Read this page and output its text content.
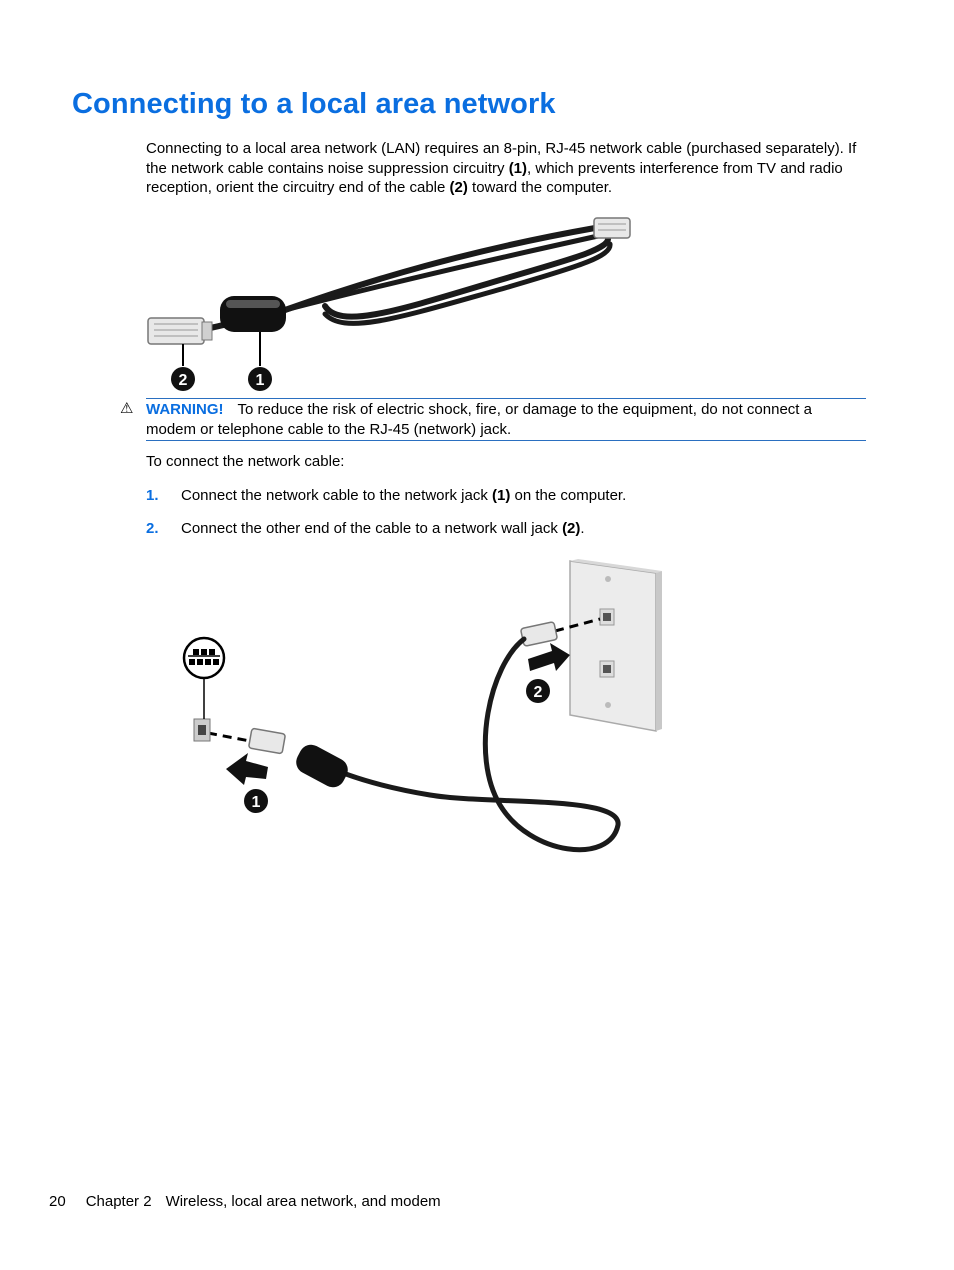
Connecting to a local area network

Connecting to a local area network (LAN) requires an 8-pin, RJ-45 network cable (purchased separately). If the network cable contains noise suppression circuitry (1), which prevents interference from TV and radio reception, orient the circuitry end of the cable (2) toward the computer.

2	1
⚠ WARNING! To reduce the risk of electric shock, fire, or damage to the equipment, do not connect a modem or telephone cable to the RJ-45 (network) jack.
To connect the network cable:
1. Connect the network cable to the network jack (1) on the computer.
2. Connect the other end of the cable to a network wall jack (2).
2
1
20 Chapter 2 Wireless, local area network, and modem
